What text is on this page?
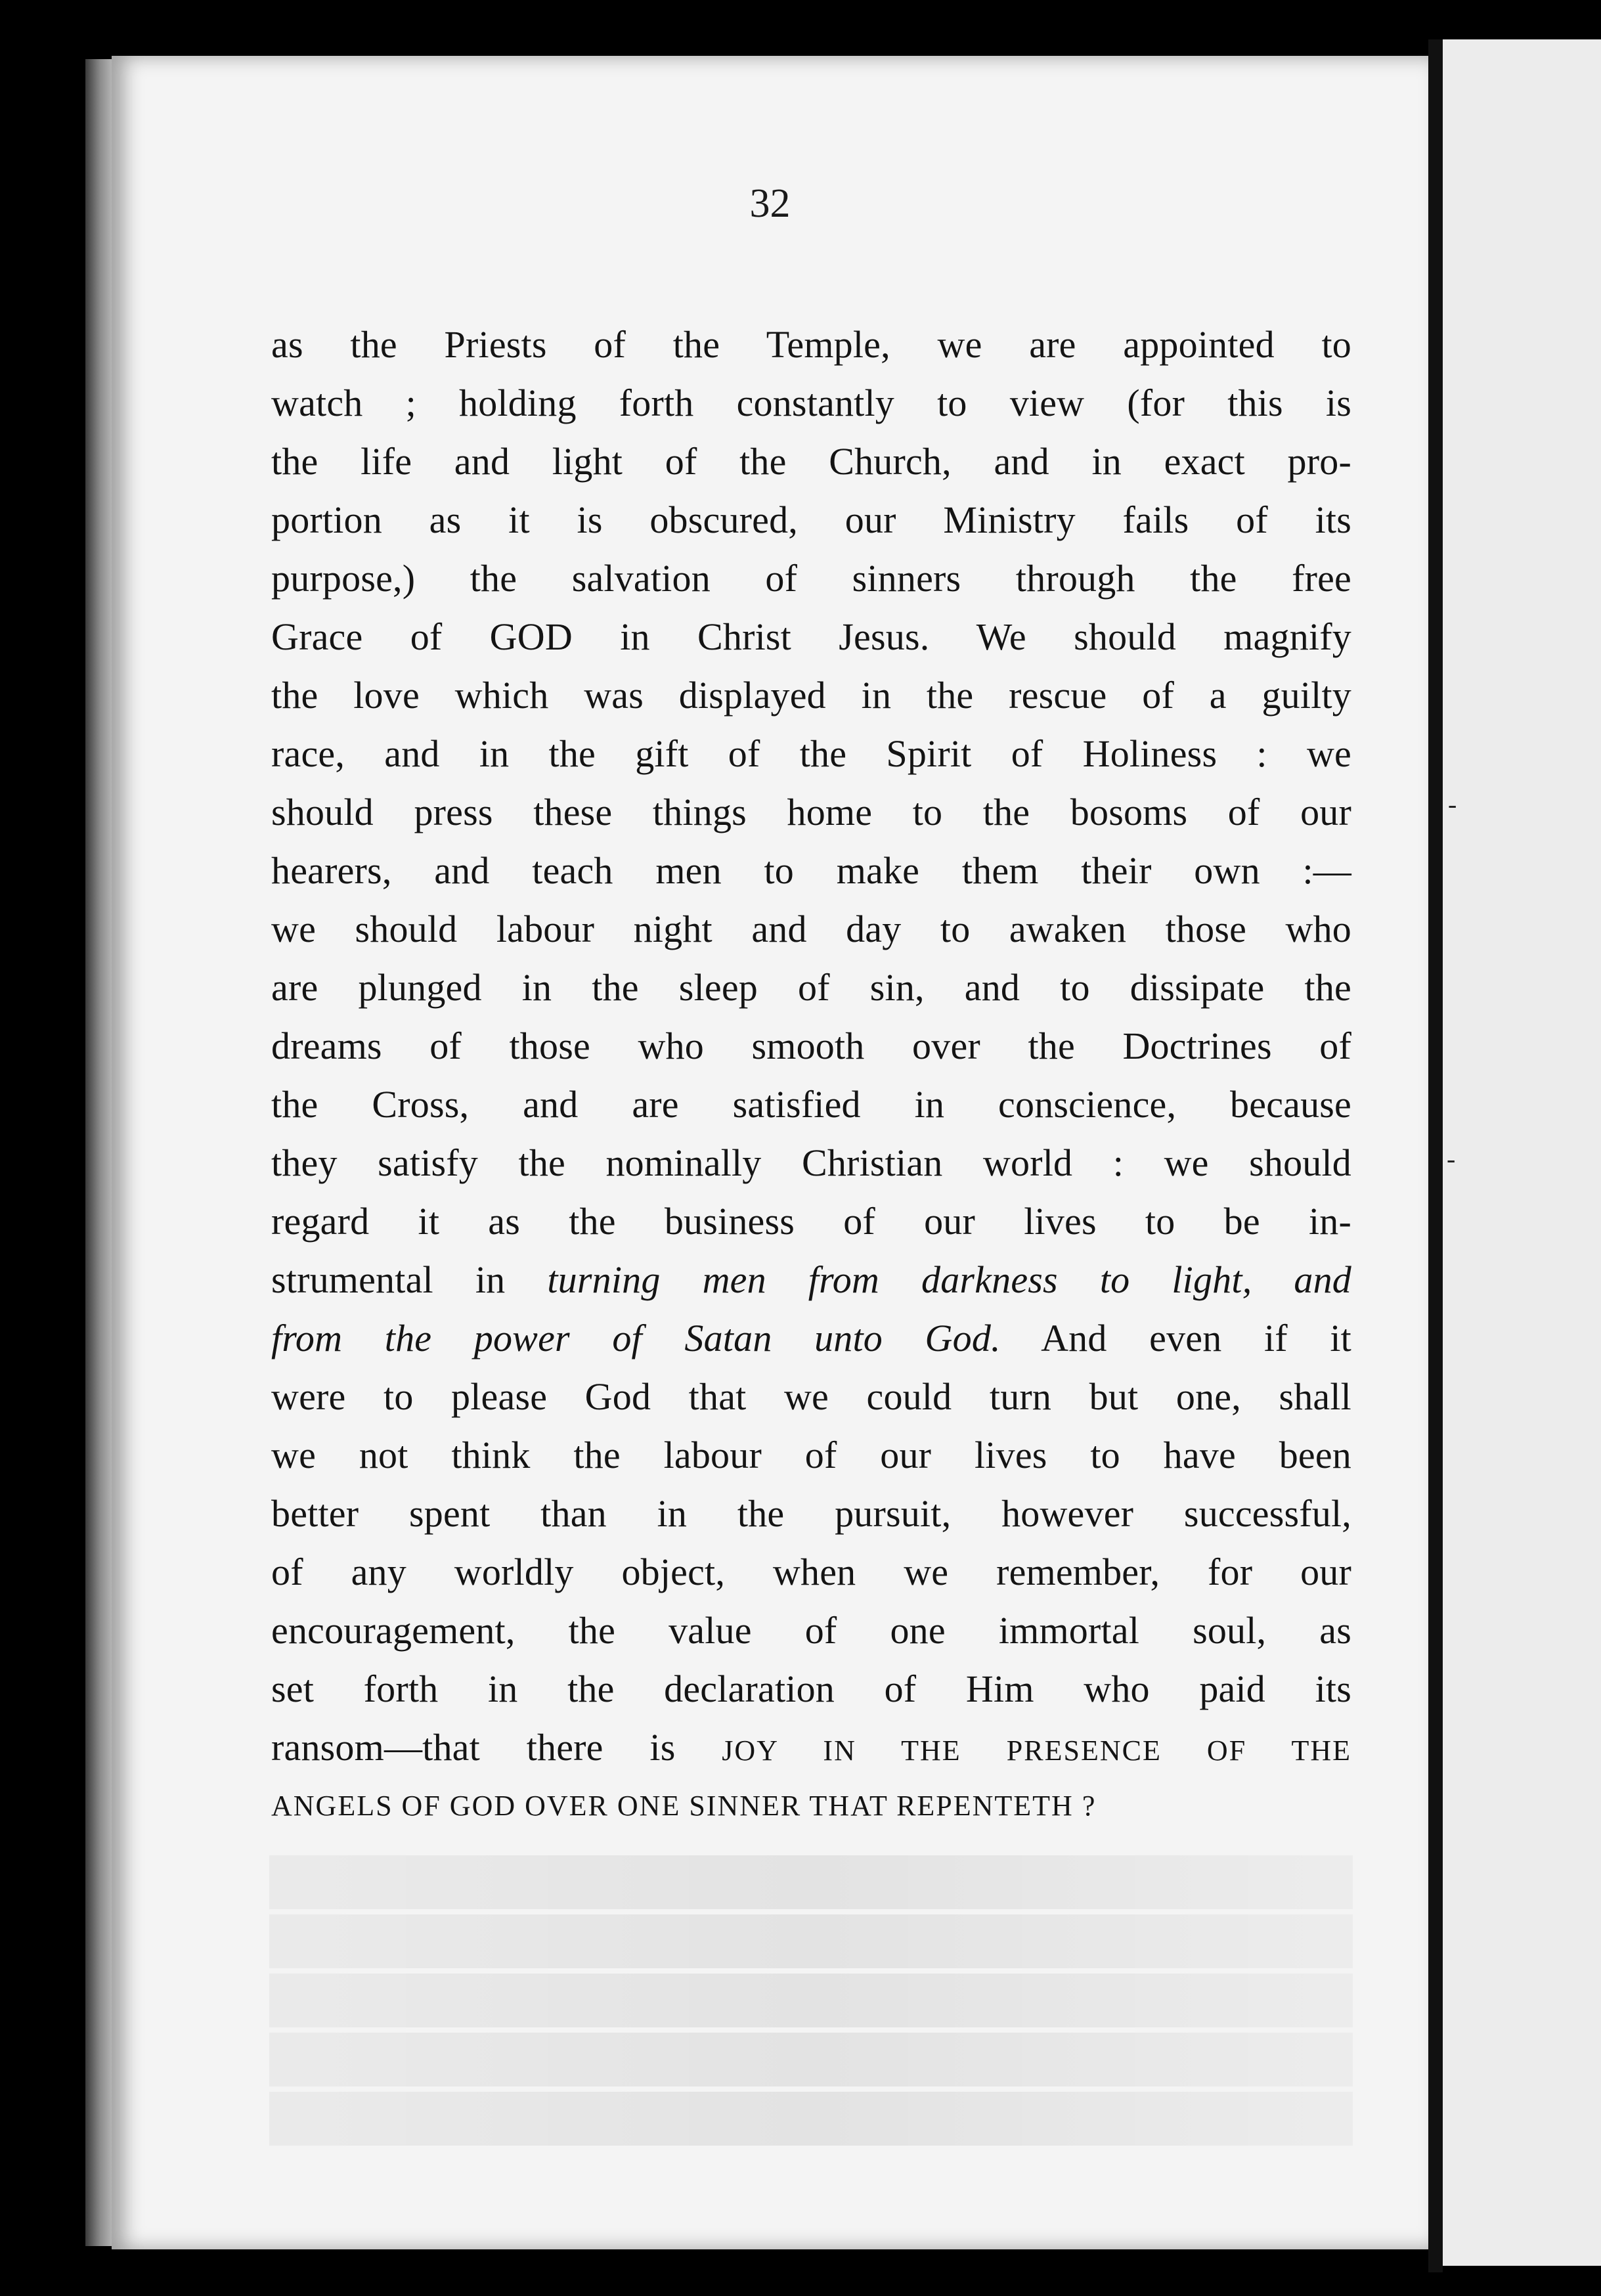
32
as the Priests of the Temple, we are appointed to
watch ; holding forth constantly to view (for this is
the life and light of the Church, and in exact pro-
portion as it is obscured, our Ministry fails of its
purpose,) the salvation of sinners through the free
Grace of GOD in Christ Jesus. We should magnify
the love which was displayed in the rescue of a guilty
race, and in the gift of the Spirit of Holiness : we
should press these things home to the bosoms of our
hearers, and teach men to make them their own :—
we should labour night and day to awaken those who
are plunged in the sleep of sin, and to dissipate the
dreams of those who smooth over the Doctrines of
the Cross, and are satisfied in conscience, because
they satisfy the nominally Christian world : we should
regard it as the business of our lives to be in-
strumental in turning men from darkness to light, and
from the power of Satan unto God. And even if it
were to please God that we could turn but one, shall
we not think the labour of our lives to have been
better spent than in the pursuit, however successful,
of any worldly object, when we remember, for our
encouragement, the value of one immortal soul, as
set forth in the declaration of Him who paid its
ransom—that there is JOY IN THE PRESENCE OF THE
ANGELS OF GOD OVER ONE SINNER THAT REPENTETH ?
-
-
